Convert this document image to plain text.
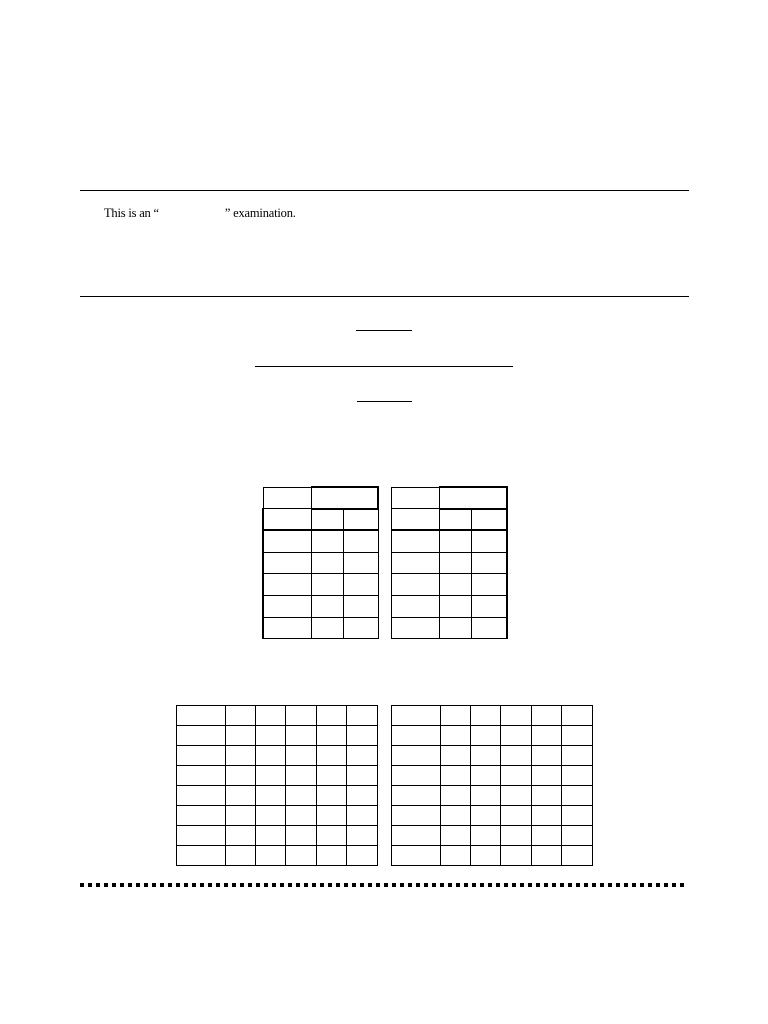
This is an “	” examination.
